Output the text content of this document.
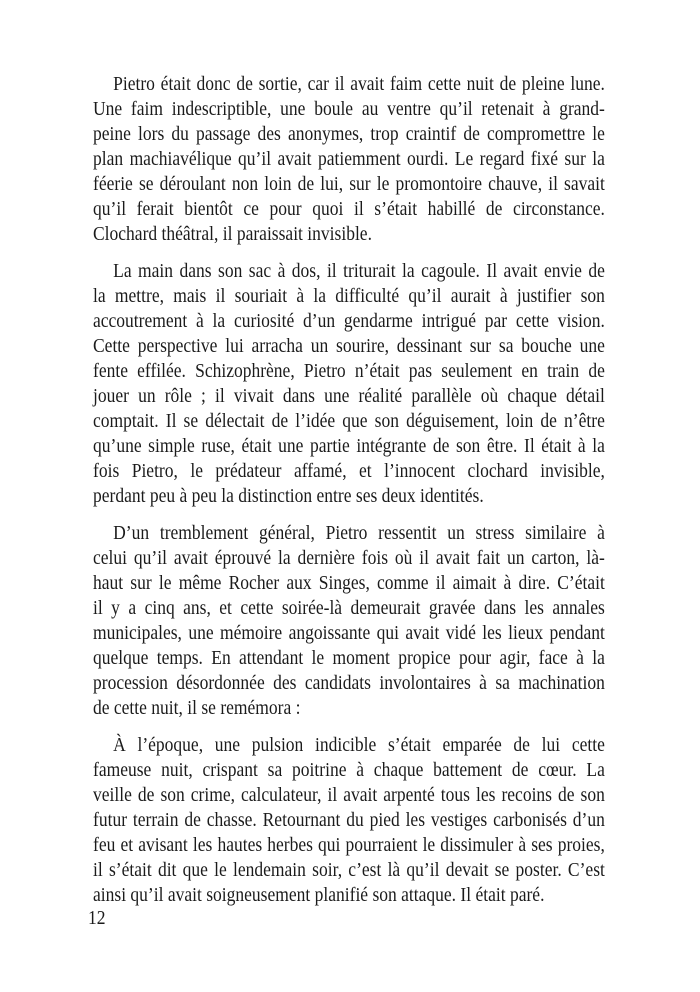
Pietro était donc de sortie, car il avait faim cette nuit de pleine lune.
Une faim indescriptible, une boule au ventre qu’il retenait à grand-
peine lors du passage des anonymes, trop craintif de compromettre le
plan machiavélique qu’il avait patiemment ourdi. Le regard fixé sur la
féerie se déroulant non loin de lui, sur le promontoire chauve, il savait
qu’il ferait bientôt ce pour quoi il s’était habillé de circonstance.
Clochard théâtral, il paraissait invisible.
La main dans son sac à dos, il triturait la cagoule. Il avait envie de
la mettre, mais il souriait à la difficulté qu’il aurait à justifier son
accoutrement à la curiosité d’un gendarme intrigué par cette vision.
Cette perspective lui arracha un sourire, dessinant sur sa bouche une
fente effilée. Schizophrène, Pietro n’était pas seulement en train de
jouer un rôle ; il vivait dans une réalité parallèle où chaque détail
comptait. Il se délectait de l’idée que son déguisement, loin de n’être
qu’une simple ruse, était une partie intégrante de son être. Il était à la
fois Pietro, le prédateur affamé, et l’innocent clochard invisible,
perdant peu à peu la distinction entre ses deux identités.
D’un tremblement général, Pietro ressentit un stress similaire à
celui qu’il avait éprouvé la dernière fois où il avait fait un carton, là-
haut sur le même Rocher aux Singes, comme il aimait à dire. C’était
il y a cinq ans, et cette soirée-là demeurait gravée dans les annales
municipales, une mémoire angoissante qui avait vidé les lieux pendant
quelque temps. En attendant le moment propice pour agir, face à la
procession désordonnée des candidats involontaires à sa machination
de cette nuit, il se remémora :
À l’époque, une pulsion indicible s’était emparée de lui cette
fameuse nuit, crispant sa poitrine à chaque battement de cœur. La
veille de son crime, calculateur, il avait arpenté tous les recoins de son
futur terrain de chasse. Retournant du pied les vestiges carbonisés d’un
feu et avisant les hautes herbes qui pourraient le dissimuler à ses proies,
il s’était dit que le lendemain soir, c’est là qu’il devait se poster. C’est
ainsi qu’il avait soigneusement planifié son attaque. Il était paré.
12
